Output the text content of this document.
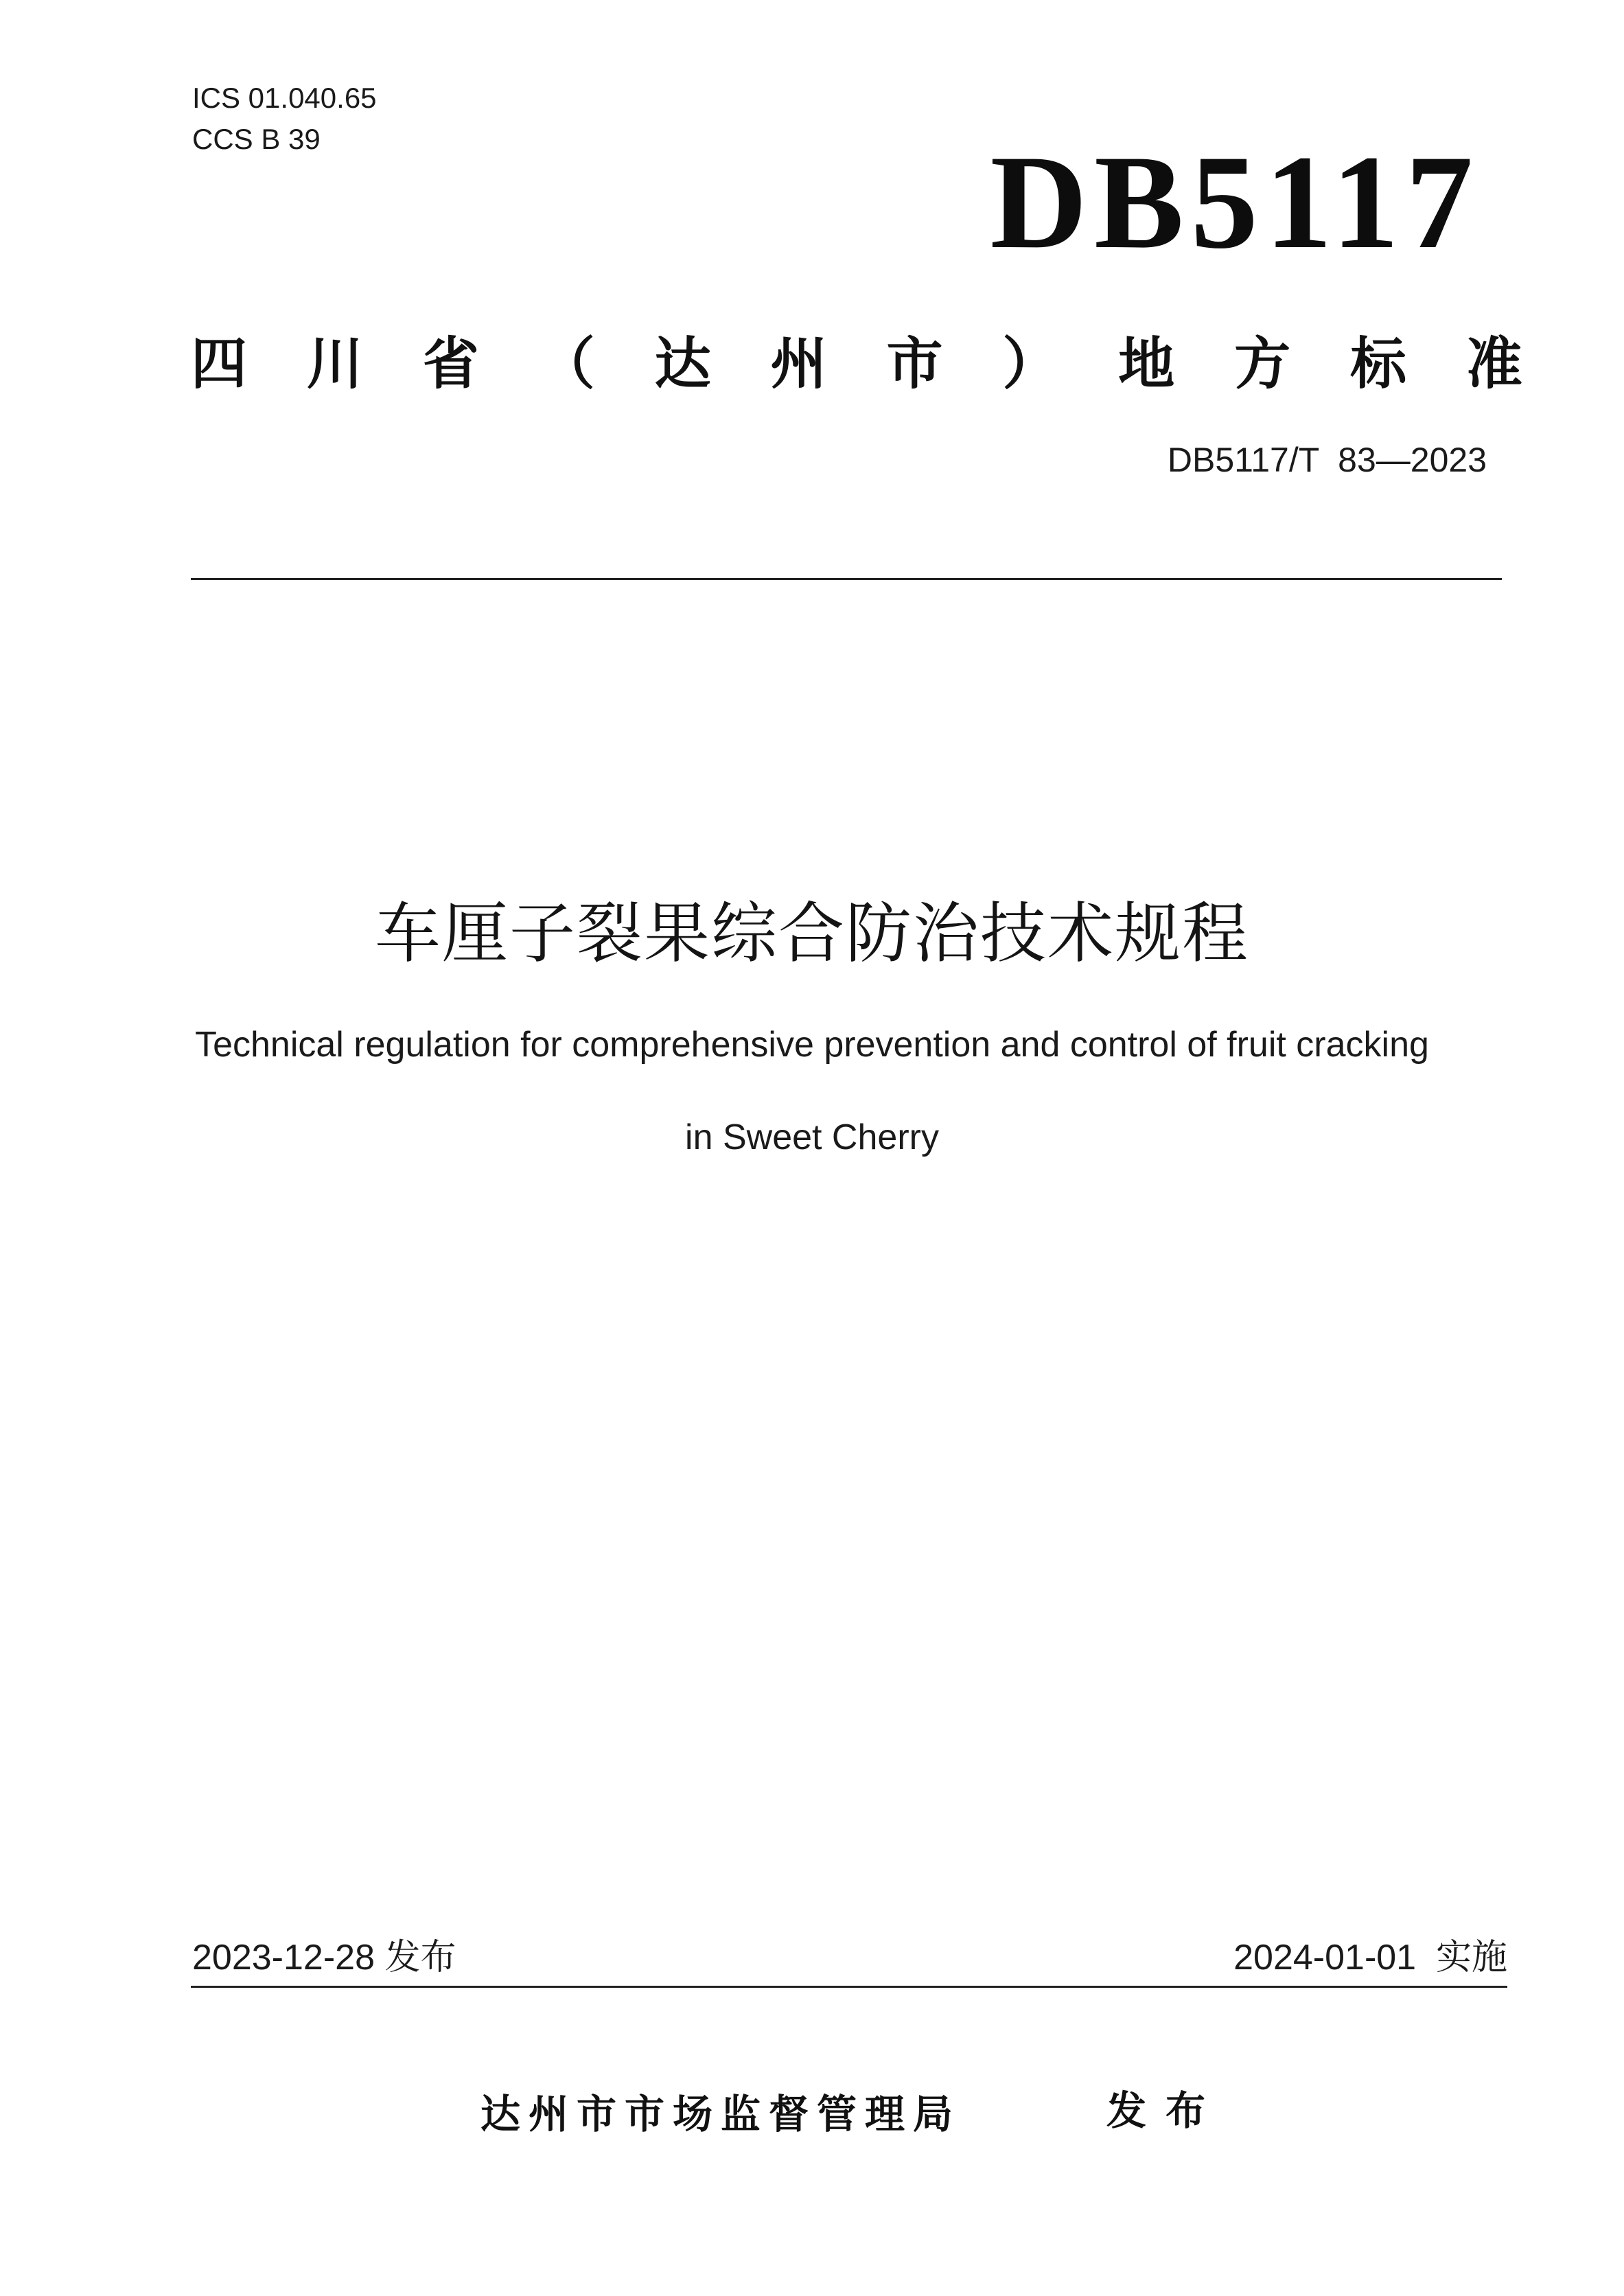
ICS 01.040.65
CCS B 39	DB5117
四 川 省 （ 达 州 市 ） 地 方 标 准
DB5117/T  83—2023
车厘子裂果综合防治技术规程
Technical regulation for comprehensive prevention and control of fruit cracking
in Sweet Cherry
2023-12-28 发布	2024-01-01  实施
达州市市场监督管理局	发布
